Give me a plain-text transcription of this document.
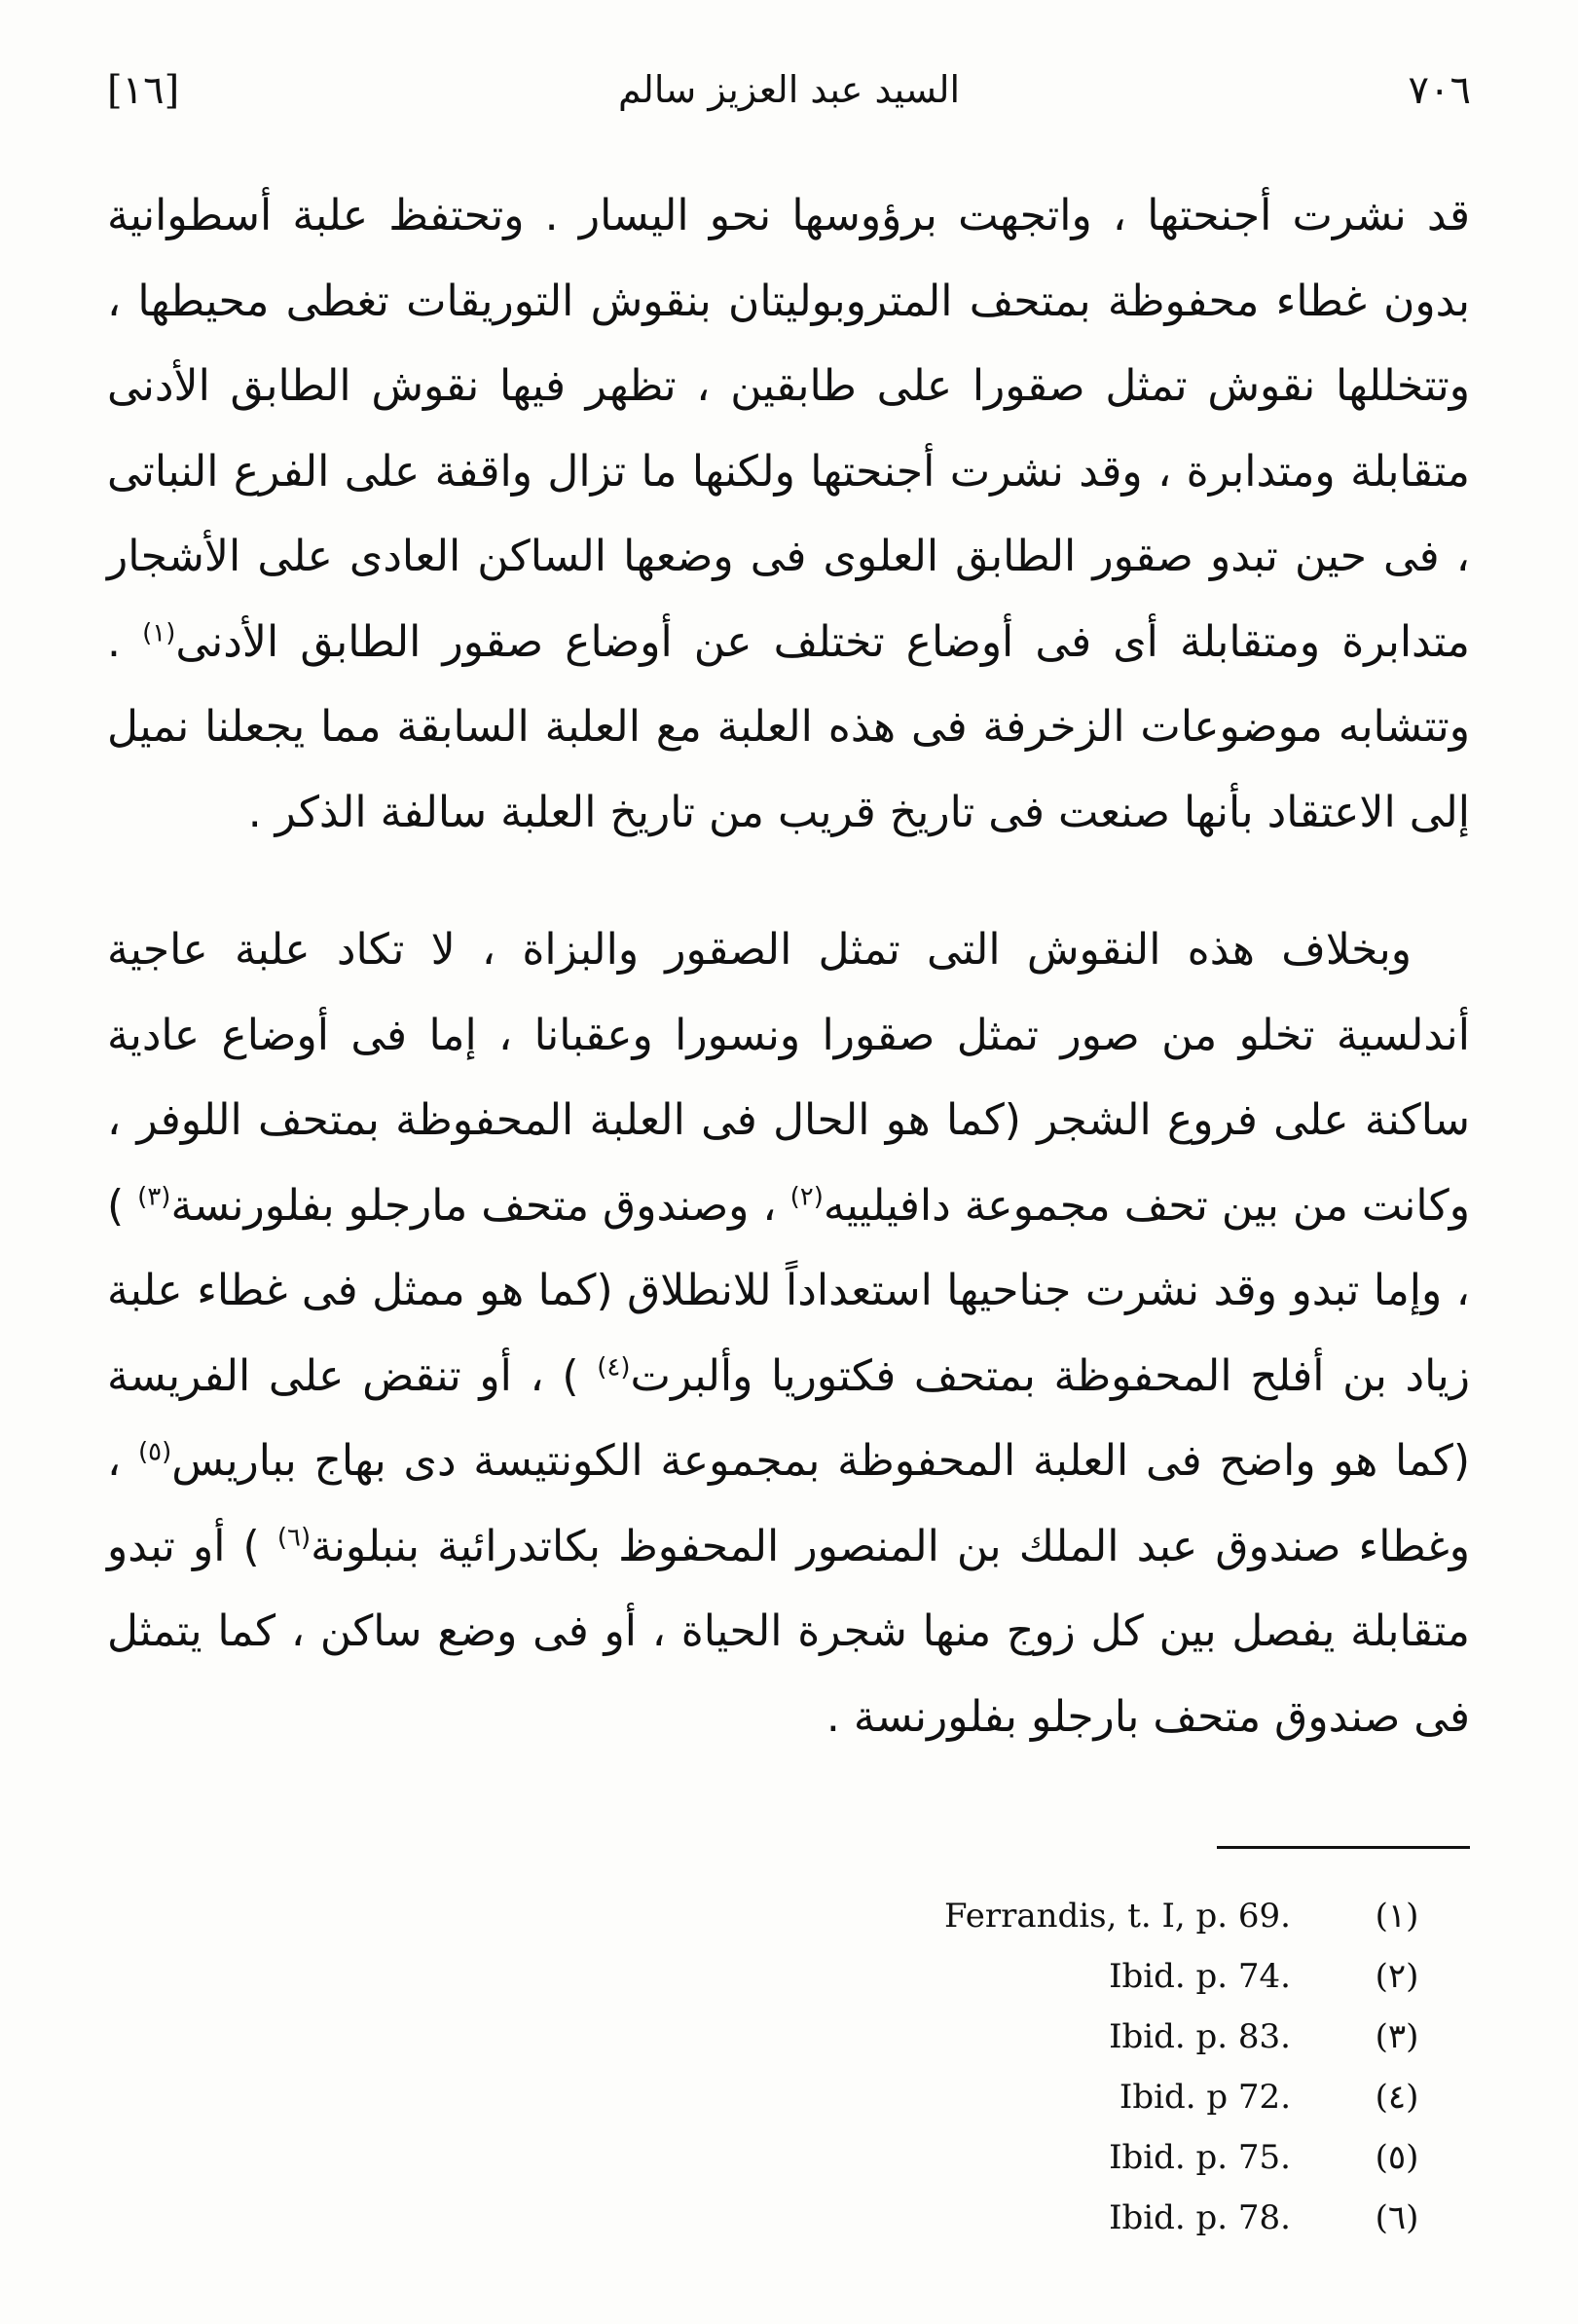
[١٦]	السيد عبد العزيز سالم	٧٠٦
قد نشرت أجنحتها ، واتجهت برؤوسها نحو اليسار . وتحتفظ علبة أسطوانية بدون غطاء محفوظة بمتحف المتروبوليتان بنقوش التوريقات تغطى محيطها ، وتتخللها نقوش تمثل صقورا على طابقين ، تظهر فيها نقوش الطابق الأدنى متقابلة ومتدابرة ، وقد نشرت أجنحتها ولكنها ما تزال واقفة على الفرع النباتى ، فى حين تبدو صقور الطابق العلوى فى وضعها الساكن العادى على الأشجار متدابرة ومتقابلة أى فى أوضاع تختلف عن أوضاع صقور الطابق الأدنى$^{(١)}$ . وتتشابه موضوعات الزخرفة فى هذه العلبة مع العلبة السابقة مما يجعلنا نميل إلى الاعتقاد بأنها صنعت فى تاريخ قريب من تاريخ العلبة سالفة الذكر .
وبخلاف هذه النقوش التى تمثل الصقور والبزاة ، لا تكاد علبة عاجية أندلسية تخلو من صور تمثل صقورا ونسورا وعقبانا ، إما فى أوضاع عادية ساكنة على فروع الشجر (كما هو الحال فى العلبة المحفوظة بمتحف اللوفر ، وكانت من بين تحف مجموعة دافيلييه$^{(٢)}$ ، وصندوق متحف مارجلو بفلورنسة$^{(٣)}$ ) ، وإما تبدو وقد نشرت جناحيها استعداداً للانطلاق (كما هو ممثل فى غطاء علبة زياد بن أفلح المحفوظة بمتحف فكتوريا وألبرت$^{(٤)}$ ) ، أو تنقض على الفريسة (كما هو واضح فى العلبة المحفوظة بمجموعة الكونتيسة دى بهاج بباريس$^{(٥)}$ ، وغطاء صندوق عبد الملك بن المنصور المحفوظ بكاتدرائية بنبلونة$^{(٦)}$ ) أو تبدو متقابلة يفصل بين كل زوج منها شجرة الحياة ، أو فى وضع ساكن ، كما يتمثل فى صندوق متحف بارجلو بفلورنسة .
Ferrandis, t. I, p. 69.	(١)
Ibid. p. 74.	(٢)
Ibid. p. 83.	(٣)
Ibid. p 72.	(٤)
Ibid. p. 75.	(٥)
Ibid. p. 78.	(٦)
